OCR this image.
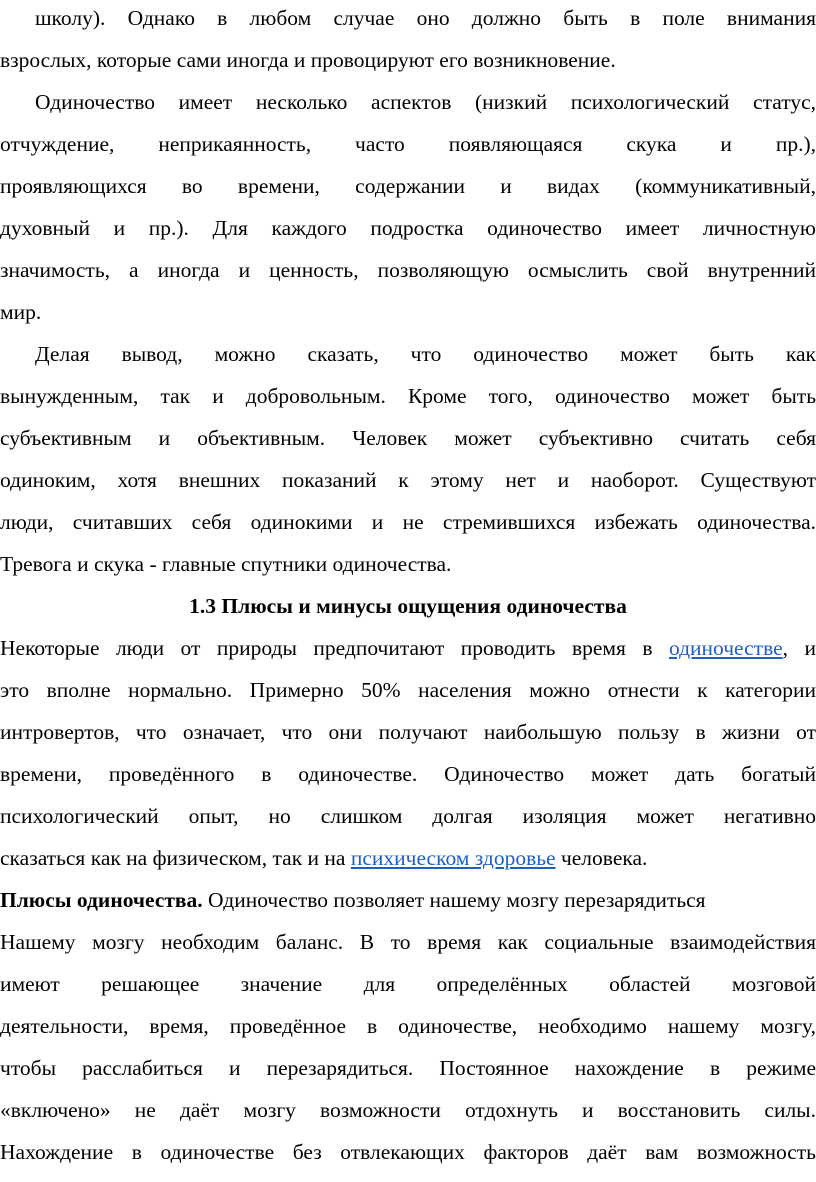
школу). Однако в любом случае оно должно быть в поле внимания
взрослых, которые сами иногда и провоцируют его возникновение.
Одиночество имеет несколько аспектов (низкий психологический статус,
отчуждение, неприкаянность, часто появляющаяся скука и пр.),
проявляющихся во времени, содержании и видах (коммуникативный,
духовный и пр.). Для каждого подростка одиночество имеет личностную
значимость, а иногда и ценность, позволяющую осмыслить свой внутренний
мир.
Делая вывод, можно сказать, что одиночество может быть как
вынужденным, так и добровольным. Кроме того, одиночество может быть
субъективным и объективным. Человек может субъективно считать себя
одиноким, хотя внешних показаний к этому нет и наоборот. Существуют
люди, считавших себя одинокими и не стремившихся избежать одиночества.
Тревога и скука - главные спутники одиночества.
1.3 Плюсы и минусы ощущения одиночества
Некоторые люди от природы предпочитают проводить время в одиночестве, и
это вполне нормально. Примерно 50% населения можно отнести к категории
интровертов, что означает, что они получают наибольшую пользу в жизни от
времени, проведённого в одиночестве. Одиночество может дать богатый
психологический опыт, но слишком долгая изоляция может негативно
сказаться как на физическом, так и на психическом здоровье человека.
Плюсы одиночества. Одиночество позволяет нашему мозгу перезарядиться
Нашему мозгу необходим баланс. В то время как социальные взаимодействия
имеют решающее значение для определённых областей мозговой
деятельности, время, проведённое в одиночестве, необходимо нашему мозгу,
чтобы расслабиться и перезарядиться. Постоянное нахождение в режиме
«включено» не даёт мозгу возможности отдохнуть и восстановить силы.
Нахождение в одиночестве без отвлекающих факторов даёт вам возможность
